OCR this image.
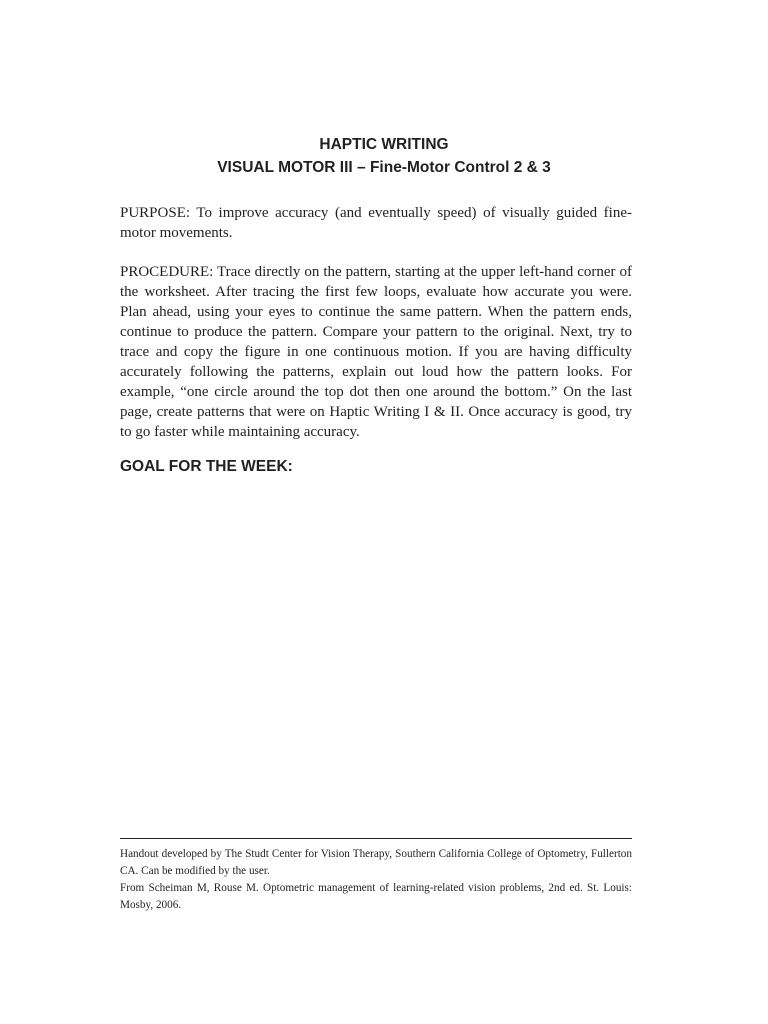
HAPTIC WRITING
VISUAL MOTOR III – Fine-Motor Control 2 & 3

PURPOSE: To improve accuracy (and eventually speed) of visually guided fine-motor movements.

PROCEDURE: Trace directly on the pattern, starting at the upper left-hand corner of the worksheet. After tracing the first few loops, evaluate how accurate you were. Plan ahead, using your eyes to continue the same pattern. When the pattern ends, continue to produce the pattern. Compare your pattern to the original. Next, try to trace and copy the figure in one continuous motion. If you are having difficulty accurately following the patterns, explain out loud how the pattern looks. For example, “one circle around the top dot then one around the bottom.” On the last page, create patterns that were on Haptic Writing I & II. Once accuracy is good, try to go faster while maintaining accuracy.

GOAL FOR THE WEEK:

Handout developed by The Studt Center for Vision Therapy, Southern California College of Optometry, Fullerton CA. Can be modified by the user.

From Scheiman M, Rouse M. Optometric management of learning-related vision problems, 2nd ed. St. Louis: Mosby, 2006.
